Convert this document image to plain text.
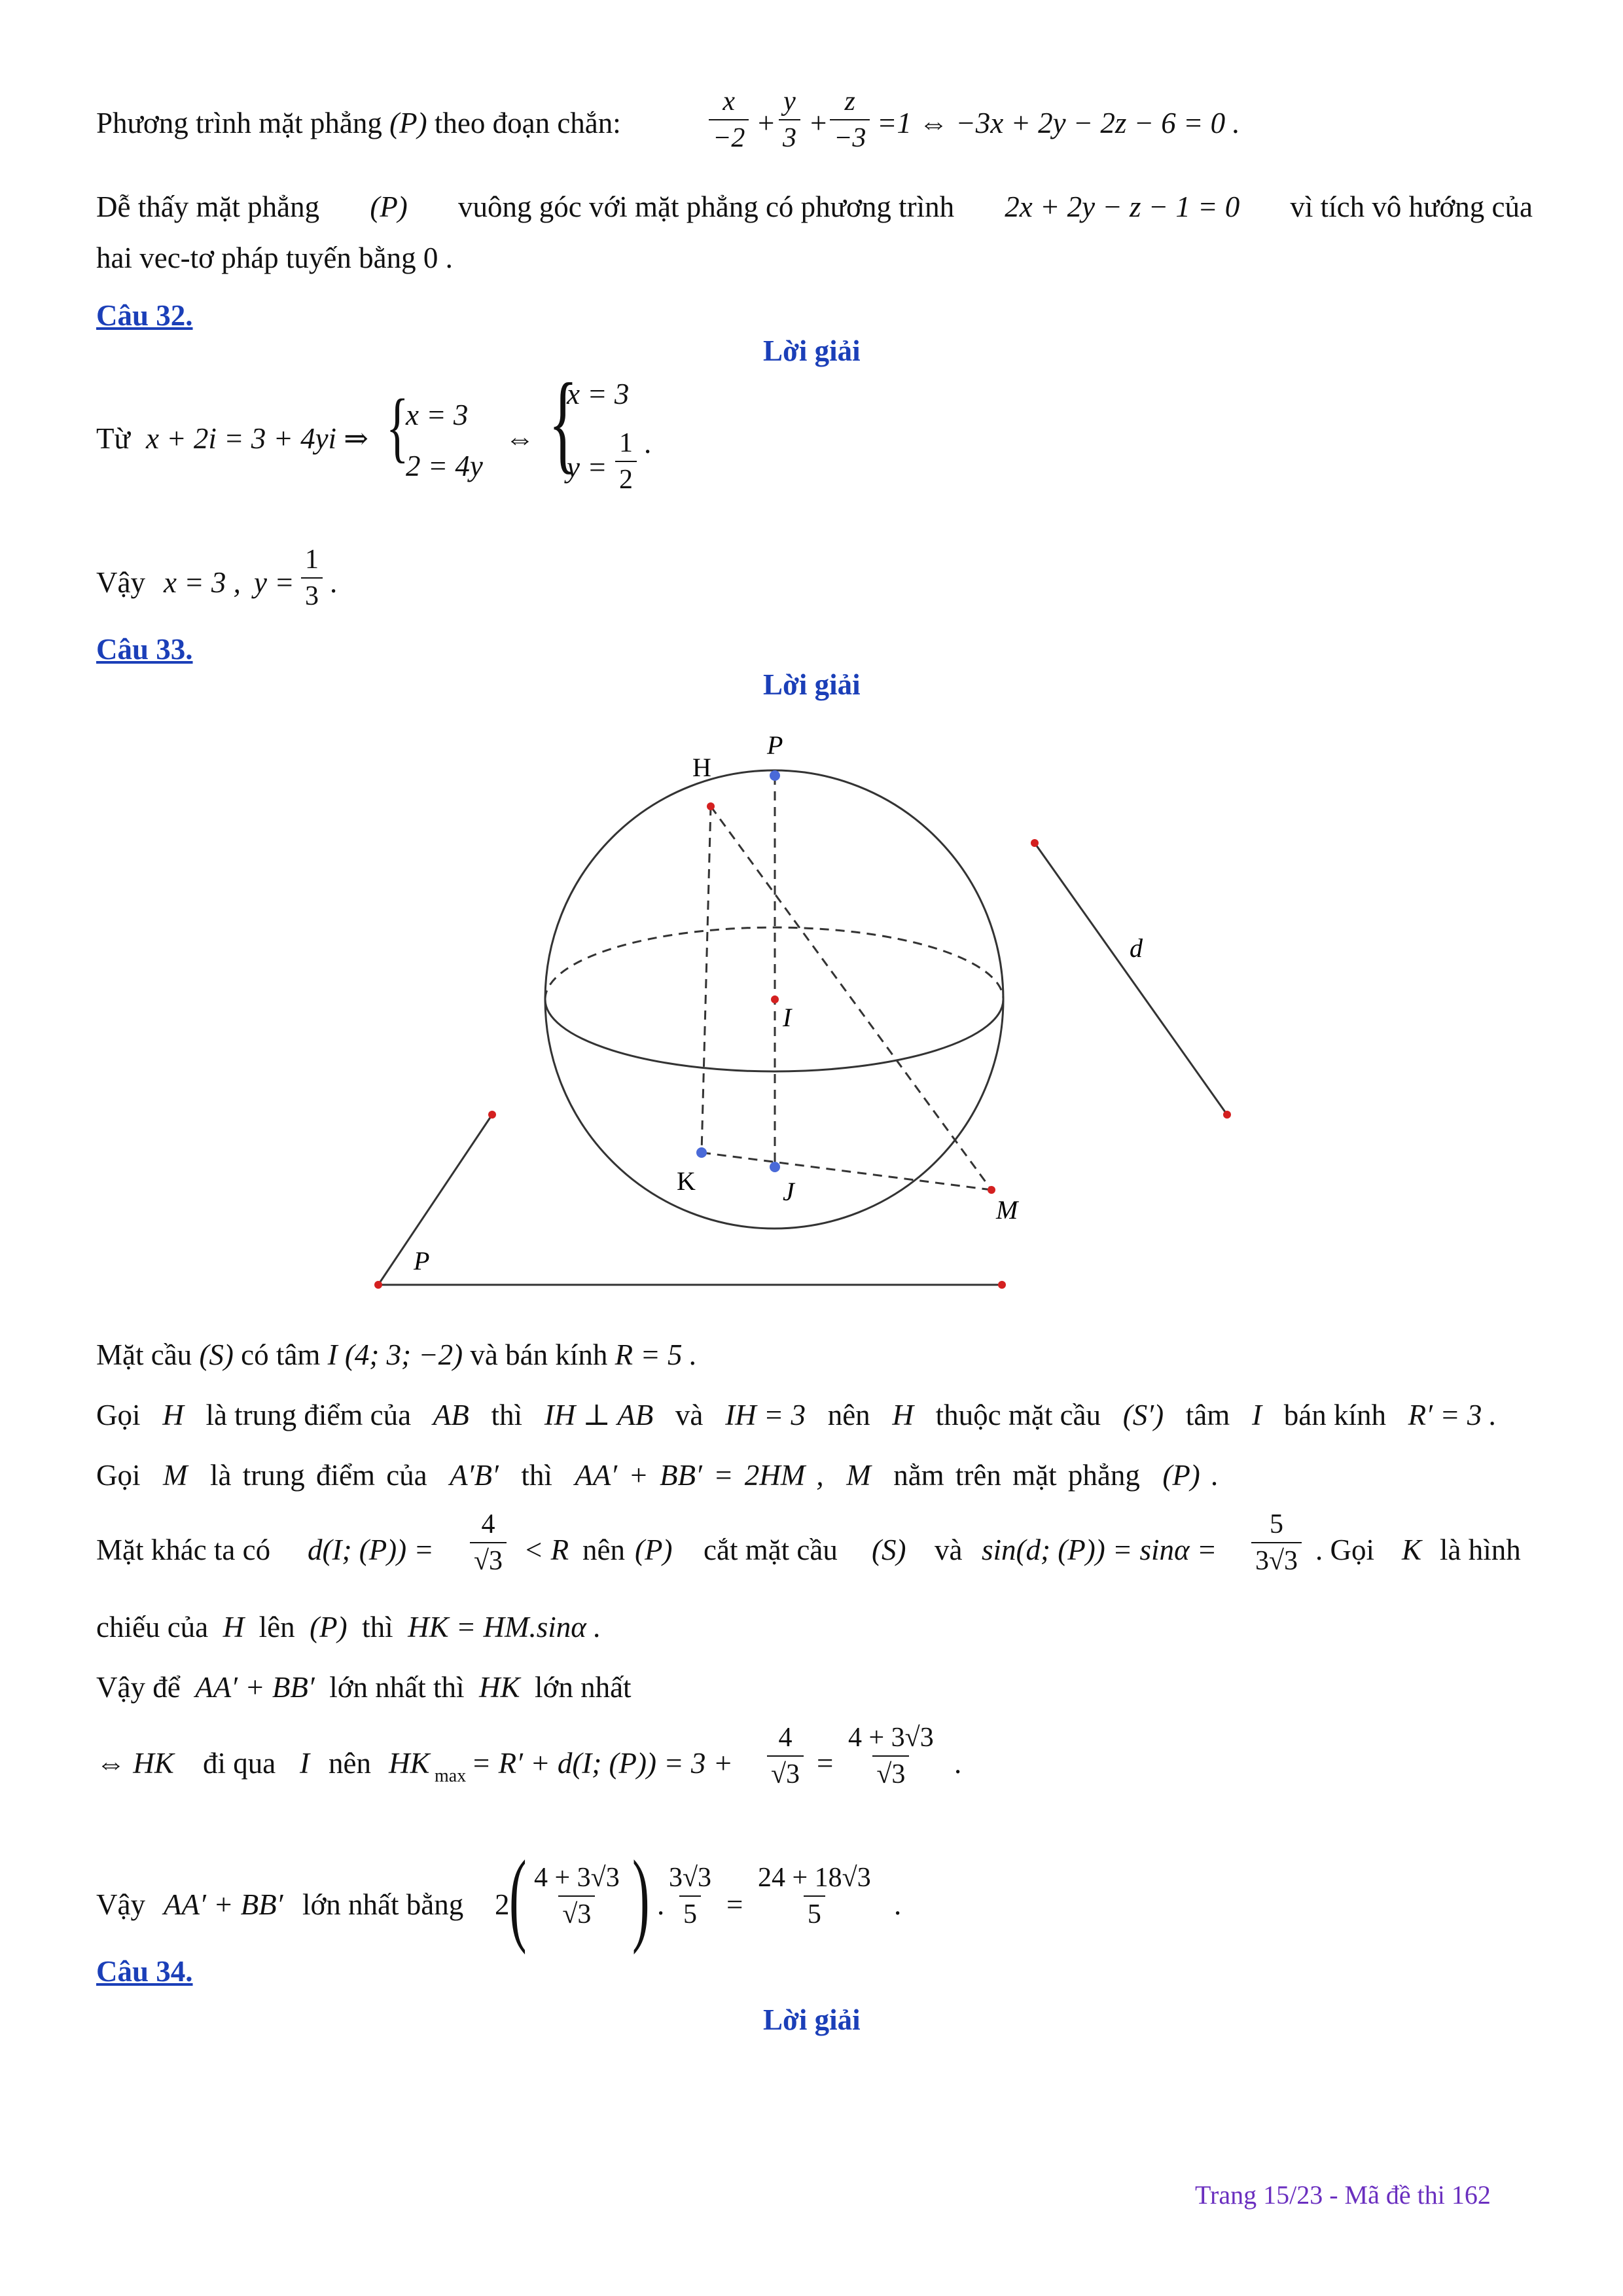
Phương trình mặt phẳng (P) theo đoạn chắn:	$\frac{x}{-2} + \frac{y}{3} + \frac{z}{-3} =1$ ⇔ −3x + 2y − 2z − 6 = 0 .
Dễ thấy mặt phẳng (P) vuông góc với mặt phẳng có phương trình 2x + 2y − z − 1 = 0 vì tích vô hướng của
hai vec-tơ pháp tuyến bằng 0 .
Câu 32.
Lời giải
Từ x + 2i = 3 + 4yi ⇒ {
x = 3
2 = 4y
⇔ {
x = 3
$y = \frac{1}{2}$ .
Vậy x = 3 , $y = \frac{1}{3}$ .
Câu 33.
Lời giải
H
P
d
I
K	J
M
P
Mặt cầu (S) có tâm I (4; 3; −2) và bán kính R = 5 .
Gọi H là trung điểm của AB thì IH ⊥ AB và IH = 3 nên H thuộc mặt cầu (S′) tâm I bán kính R′ = 3 .
Gọi M là trung điểm của A′B′ thì AA′ + BB′ = 2HM , M nằm trên mặt phẳng (P) .
Mặt khác ta có d(I; $(P)) = \frac{4}{√3} < R$ nên (P) cắt mặt cầu (S) và sin(d; $(P)) = \sin\alpha = \frac{5}{3√3}$ . Gọi K là hình
chiếu của H lên (P) thì HK = HM.sinα .
Vậy để AA′ + BB′ lớn nhất thì HK lớn nhất
⇔ HK đi qua I nên HK max = R′ + d(I; $(P)) = 3 + \frac{4}{√3} = \frac{4 + 3√3}{√3}$ .
Vậy AA′ + BB′ lớn nhất bằng 2 ( $\frac{4 + 3√3}{√3}$ ) . $\frac{3√3}{5} = \frac{24 + 18√3}{5}$ .
Câu 34.
Lời giải
Trang 15/23 - Mã đề thi 162
